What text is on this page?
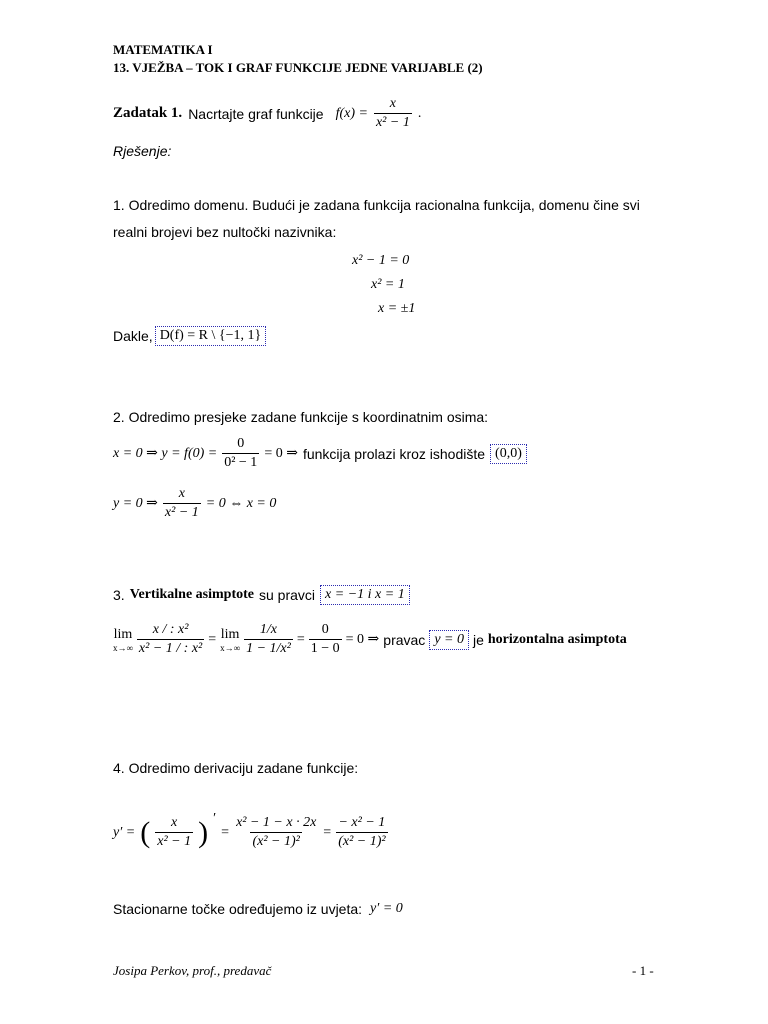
MATEMATIKA I
13. VJEŽBA – TOK I GRAF FUNKCIJE JEDNE VARIJABLE (2)
Zadatak 1. Nacrtajte graf funkcije $f(x) = \frac{x}{\text{x² − 1}}$ .
Rješenje:
1. Odredimo domenu. Budući je zadana funkcija racionalna funkcija, domenu čine svi
realni brojevi bez nultočki nazivnika:
x² − 1 = 0
x² = 1
x = ±1
Dakle, D(f) = R \ {−1, 1}
2. Odredimo presjeke zadane funkcije s koordinatnim osima:
x = 0 ⇒ $y = f(0) = \frac{0}{\text{0² − 1}} = 0$ ⇒ funkcija prolazi kroz ishodište (0,0)
y = 0 ⇒ $\frac{x}{\text{x² − 1}} = 0$ ⇔ x = 0
3. Vertikalne asimptote su pravci x = −1 i x = 1
lim
$x\to\infty \frac{\text{x / : x²}}{\text{x² − 1 / : x²}} = \lim$
$x\to\infty \frac{1/x}{\text{1 − 1/x²}} = \frac{0}{1 - 0} = 0$ ⇒ pravac y = 0 je horizontalna asimptota
4. Odredimo derivaciju zadane funkcije:
y′ = ( $\frac{x}{\text{x² − 1}}$ ) ′
= $\frac{\text{x² − 1 − x · 2x}}{\text{(x² − 1)²}} = \frac{\text{− x² − 1}}{\text{(x² − 1)²}}$
Stacionarne točke određujemo iz uvjeta: y′ = 0
Josipa Perkov, prof., predavač	- 1 -
